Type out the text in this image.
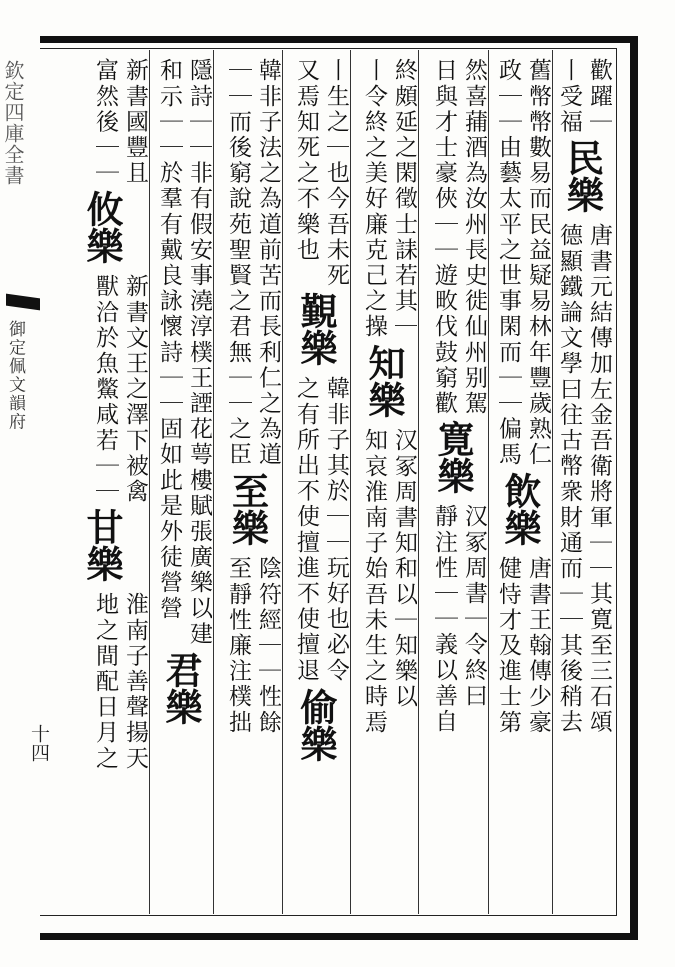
欽定四庫全書
御定佩文韻府
十四
歡躍｜
丨受福
民樂
唐書元結傳加左金吾衛將軍｜｜其寛至三石頌
德顯鐵論文學曰往古幣衆財通而｜｜其後稍去
舊幣幣數易而民益疑易林年豐歲熟仁
政｜｜由藝太平之世事閑而｜｜偏馬
飲樂
唐書王翰傳少豪
健恃才及進士第
然喜蒱酒為汝州長史徙仙州别駕
日與才士豪俠｜｜遊畋伐鼓窮歡
寛樂
汉冢周書｜令終曰
靜注性｜｜義以善自
終頗延之閑徵士誄若其｜
丨令終之美好廉克己之操
知樂
汉冢周書知和以｜知樂以
知哀淮南子始吾未生之時焉
丨生之｜也今吾未死
又焉知死之不樂也
覲樂
韓非子其於｜｜玩好也必令
之有所出不使擅進不使擅退
偷樂
韓非子法之為道前苦而長利仁之為道
｜｜而後窮說苑聖賢之君無｜｜之臣
至樂
陰符經｜｜性餘
至靜性廉注樸拙
隱詩｜｜非有假安事澆淳樸王諲花萼樓賦張廣樂以建
和示｜｜於羣有戴良詠懷詩｜｜固如此是外徒營營
君樂
新書國豐且
富然後｜｜
攸樂
新書文王之澤下被禽
獸洽於魚鱉咸若｜｜
甘樂
淮南子善聲揚天
地之間配日月之
